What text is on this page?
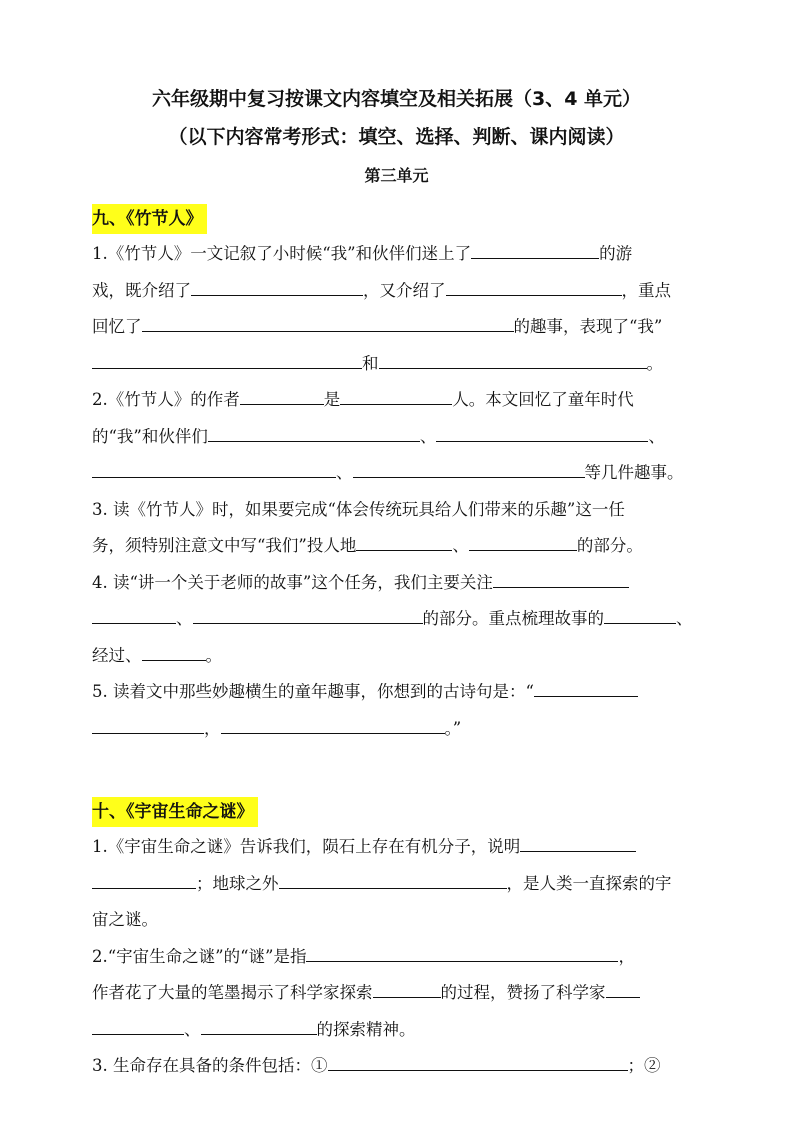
六年级期中复习按课文内容填空及相关拓展（3、4 单元）
（以下内容常考形式：填空、选择、判断、课内阅读）
第三单元
九、《竹节人》

1.《竹节人》一文记叙了小时候“我”和伙伴们迷上了	的游
戏，既介绍了	，又介绍了	，重点
回忆了	的趣事，表现了“我”
和	。

2.《竹节人》的作者	是	人。本文回忆了童年时代
的“我”和伙伴们	、	、
、	等几件趣事。

3. 读《竹节人》时，如果要完成“体会传统玩具给人们带来的乐趣”这一任
务，须特别注意文中写“我们”投人地	、	的部分。

4. 读“讲一个关于老师的故事”这个任务，我们主要关注
、	的部分。重点梳理故事的	、
经过、	。

5. 读着文中那些妙趣横生的童年趣事，你想到的古诗句是：“
，	。”

十、《宇宙生命之谜》

1.《宇宙生命之谜》告诉我们，陨石上存在有机分子，说明
；地球之外	，是人类一直探索的宇
宙之谜。

2.“宇宙生命之谜”的“谜”是指	，
作者花了大量的笔墨揭示了科学家探索	的过程，赞扬了科学家
、	的探索精神。

3. 生命存在具备的条件包括：①	；②
